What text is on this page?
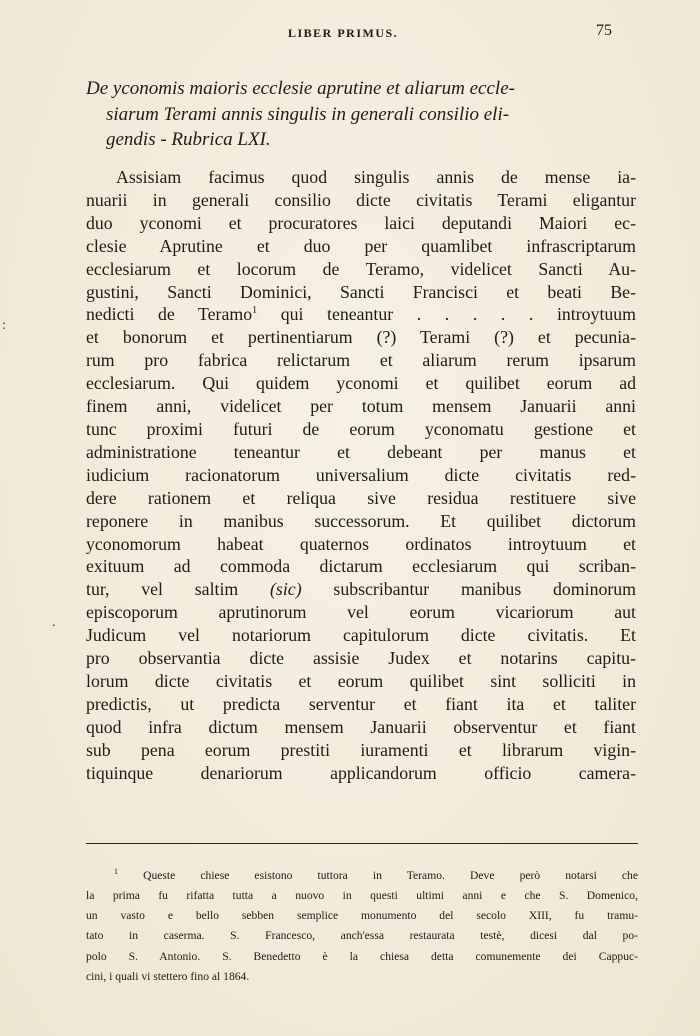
LIBER PRIMUS.	75
De yconomis maioris ecclesie aprutine et aliarum eccle-
siarum Terami annis singulis in generali consilio eli-
gendis - Rubrica LXI.
Assisiam facimus quod singulis annis de mense ia-
nuarii in generali consilio dicte civitatis Terami eligantur
duo yconomi et procuratores laici deputandi Maiori ec-
clesie Aprutine et duo per quamlibet infrascriptarum
ecclesiarum et locorum de Teramo, videlicet Sancti Au-
gustini, Sancti Dominici, Sancti Francisci et beati Be-
nedicti de Teramo$^1$ qui teneantur . . . . . introytuum
et bonorum et pertinentiarum (?) Terami (?) et pecunia-
rum pro fabrica relictarum et aliarum rerum ipsarum
ecclesiarum. Qui quidem yconomi et quilibet eorum ad
finem anni, videlicet per totum mensem Januarii anni
tunc proximi futuri de eorum yconomatu gestione et
administratione teneantur et debeant per manus et
iudicium racionatorum universalium dicte civitatis red-
dere rationem et reliqua sive residua restituere sive
reponere in manibus successorum. Et quilibet dictorum
yconomorum habeat quaternos ordinatos introytuum et
exituum ad commoda dictarum ecclesiarum qui scriban-
tur, vel saltim (sic) subscribantur manibus dominorum
episcoporum aprutinorum vel eorum vicariorum aut
Judicum vel notariorum capitulorum dicte civitatis. Et
pro observantia dicte assisie Judex et notarins capitu-
lorum dicte civitatis et eorum quilibet sint solliciti in
predictis, ut predicta serventur et fiant ita et taliter
quod infra dictum mensem Januarii observentur et fiant
sub pena eorum prestiti iuramenti et librarum vigin-
tiquinque denariorum applicandorum officio camera-
$^1$ Queste chiese esistono tuttora in Teramo. Deve però notarsi che
la prima fu rifatta tutta a nuovo in questi ultimi anni e che S. Domenico,
un vasto e bello sebben semplice monumento del secolo XIII, fu tramu-
tato in caserma. S. Francesco, anch'essa restaurata testè, dicesi dal po-
polo S. Antonio. S. Benedetto è la chiesa detta comunemente dei Cappuc-
cini, i quali vi stettero fino al 1864.
:
.
